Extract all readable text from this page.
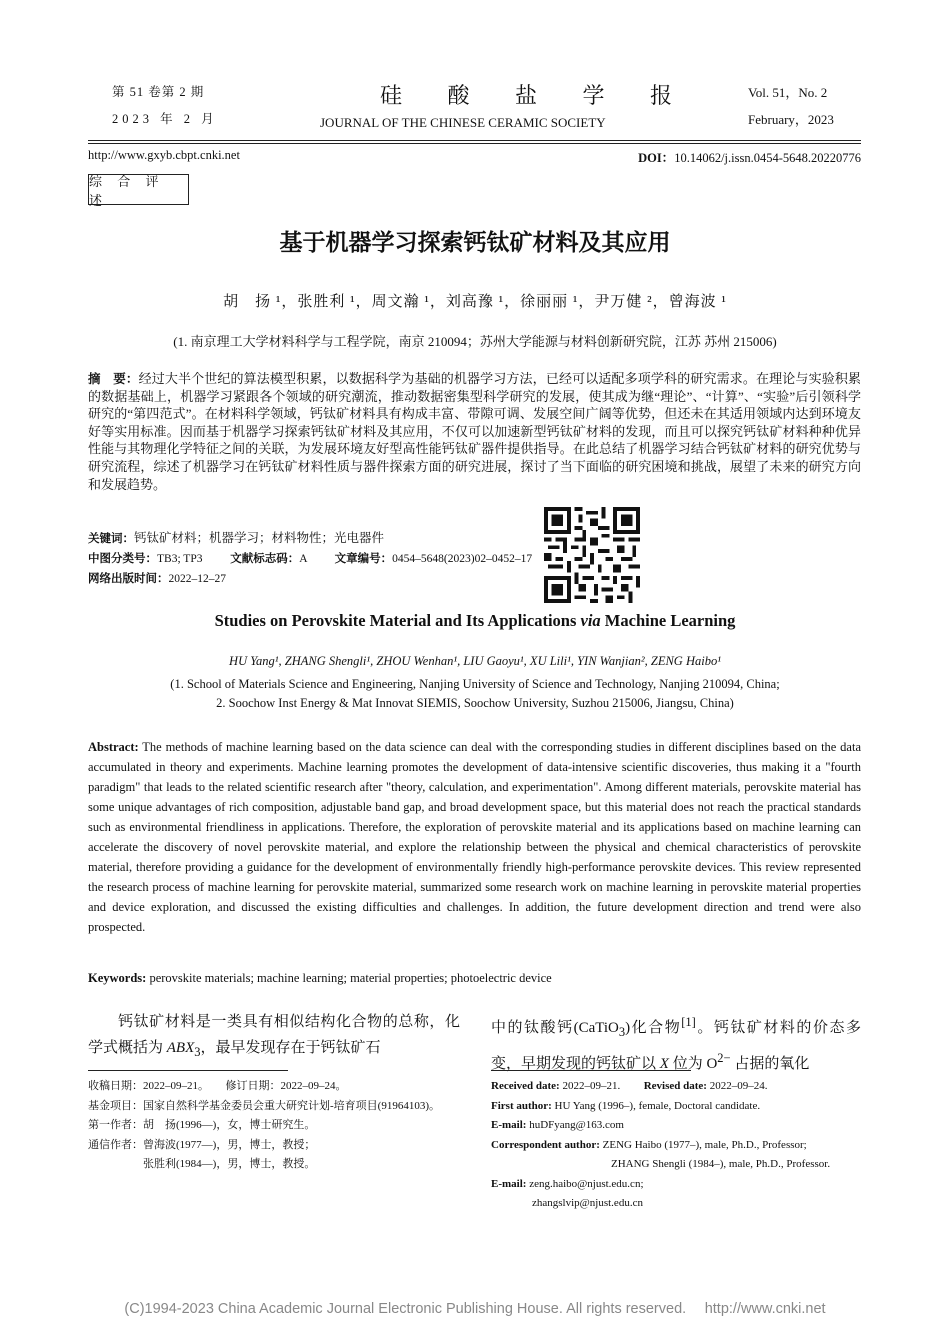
第 51 卷第 2 期
2023 年 2 月
硅 酸 盐 学 报
JOURNAL OF THE CHINESE CERAMIC SOCIETY
Vol. 51，No. 2
February，2023
http://www.gxyb.cbpt.cnki.net	DOI：10.14062/j.issn.0454-5648.20220776
综 合 评 述
基于机器学习探索钙钛矿材料及其应用
胡　扬 ¹，张胜利 ¹，周文瀚 ¹，刘高豫 ¹，徐丽丽 ¹，尹万健 ²，曾海波 ¹
(1. 南京理工大学材料科学与工程学院，南京 210094；苏州大学能源与材料创新研究院，江苏 苏州 215006)
摘　要：经过大半个世纪的算法模型积累，以数据科学为基础的机器学习方法，已经可以适配多项学科的研究需求。在理论与实验积累的数据基础上，机器学习紧跟各个领域的研究潮流，推动数据密集型科学研究的发展，使其成为继“理论”、“计算”、“实验”后引领科学研究的“第四范式”。在材料科学领域，钙钛矿材料具有构成丰富、带隙可调、发展空间广阔等优势，但还未在其适用领域内达到环境友好等实用标准。因而基于机器学习探索钙钛矿材料及其应用，不仅可以加速新型钙钛矿材料的发现，而且可以探究钙钛矿材料种种优异性能与其物理化学特征之间的关联，为发展环境友好型高性能钙钛矿器件提供指导。在此总结了机器学习结合钙钛矿材料的研究优势与研究流程，综述了机器学习在钙钛矿材料性质与器件探索方面的研究进展，探讨了当下面临的研究困境和挑战，展望了未来的研究方向和发展趋势。
关键词：钙钛矿材料；机器学习；材料物性；光电器件
中图分类号：TB3; TP3 文献标志码：A 文章编号：0454–5648(2023)02–0452–17
网络出版时间：2022–12–27
Studies on Perovskite Material and Its Applications via Machine Learning
HU Yang¹, ZHANG Shengli¹, ZHOU Wenhan¹, LIU Gaoyu¹, XU Lili¹, YIN Wanjian², ZENG Haibo¹
(1. School of Materials Science and Engineering, Nanjing University of Science and Technology, Nanjing 210094, China;
2. Soochow Inst Energy & Mat Innovat SIEMIS, Soochow University, Suzhou 215006, Jiangsu, China)
Abstract: The methods of machine learning based on the data science can deal with the corresponding studies in different disciplines based on the data accumulated in theory and experiments. Machine learning promotes the development of data-intensive scientific discoveries, thus making it a "fourth paradigm" that leads to the related scientific research after "theory, calculation, and experimentation". Among different materials, perovskite material has some unique advantages of rich composition, adjustable band gap, and broad development space, but this material does not reach the practical standards such as environmental friendliness in applications. Therefore, the exploration of perovskite material and its applications based on machine learning can accelerate the discovery of novel perovskite material, and explore the relationship between the physical and chemical characteristics of perovskite material, therefore providing a guidance for the development of environmentally friendly high-performance perovskite devices. This review represented the research process of machine learning for perovskite material, summarized some research work on machine learning in perovskite material properties and device exploration, and discussed the existing difficulties and challenges. In addition, the future development direction and trend were also prospected.
Keywords: perovskite materials; machine learning; material properties; photoelectric device
钙钛矿材料是一类具有相似结构化合物的总称，化学式概括为 $ABX_3$，最早发现存在于钙钛矿石
中的钛酸钙(CaTiO$_3$)化合物[1]。钙钛矿材料的价态多变，早期发现的钙钛矿以 X 位为 $O^{2-}$ 占据的氧化
收稿日期：2022–09–21。　　修订日期：2022–09–24。
基金项目：国家自然科学基金委员会重大研究计划-培育项目(91964103)。
第一作者：胡　扬(1996—)，女，博士研究生。
通信作者：曾海波(1977—)，男，博士，教授；
　　　　　张胜利(1984—)，男，博士，教授。
Received date: 2022–09–21. Revised date: 2022–09–24.
First author: HU Yang (1996–), female, Doctoral candidate.
E-mail: huDFyang@163.com
Correspondent author: ZENG Haibo (1977–), male, Ph.D., Professor;
ZHANG Shengli (1984–), male, Ph.D., Professor.
E-mail: zeng.haibo@njust.edu.cn;
zhangslvip@njust.edu.cn
(C)1994-2023 China Academic Journal Electronic Publishing House. All rights reserved.　 http://www.cnki.net
